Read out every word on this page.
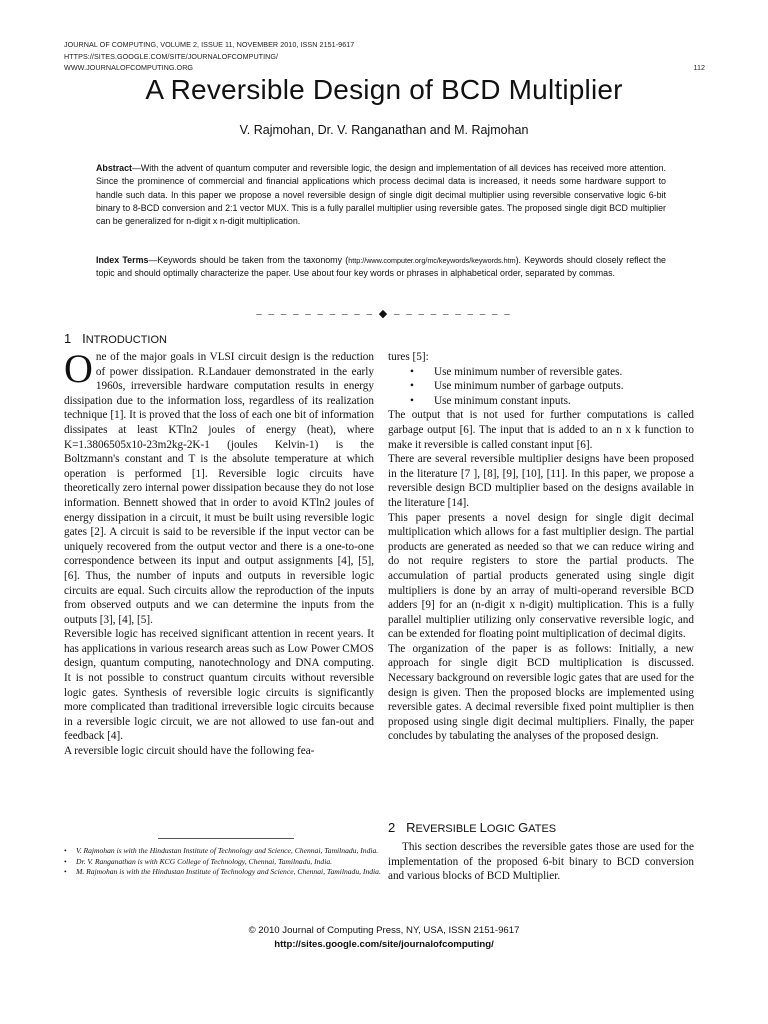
JOURNAL OF COMPUTING, VOLUME 2, ISSUE 11, NOVEMBER 2010, ISSN 2151-9617
HTTPS://SITES.GOOGLE.COM/SITE/JOURNALOFCOMPUTING/
WWW.JOURNALOFCOMPUTING.ORG	112
A Reversible Design of BCD Multiplier
V. Rajmohan, Dr. V. Ranganathan and M. Rajmohan
Abstract—With the advent of quantum computer and reversible logic, the design and implementation of all devices has received more attention. Since the prominence of commercial and financial applications which process decimal data is increased, it needs some hardware support to handle such data. In this paper we propose a novel reversible design of single digit decimal multiplier using reversible conservative logic 6-bit binary to 8-BCD conversion and 2:1 vector MUX. This is a fully parallel multiplier using reversible gates. The proposed single digit BCD multiplier can be generalized for n-digit x n-digit multiplication.
Index Terms—Keywords should be taken from the taxonomy (http://www.computer.org/mc/keywords/keywords.htm). Keywords should closely reflect the topic and should optimally characterize the paper. Use about four key words or phrases in alphabetical order, separated by commas.
– – – – – – – – – – ◆ – – – – – – – – – –
1 INTRODUCTION

One of the major goals in VLSI circuit design is the reduction of power dissipation. R.Landauer demonstrated in the early 1960s, irreversible hardware computation results in energy dissipation due to the information loss, regardless of its realization technique [1]. It is proved that the loss of each one bit of information dissipates at least KTln2 joules of energy (heat), where K=1.3806505x10-23m2kg-2K-1 (joules Kelvin-1) is the Boltzmann's constant and T is the absolute temperature at which operation is performed [1]. Reversible logic circuits have theoretically zero internal power dissipation because they do not lose information. Bennett showed that in order to avoid KTln2 joules of energy dissipation in a circuit, it must be built using reversible logic gates [2]. A circuit is said to be reversible if the input vector can be uniquely recovered from the output vector and there is a one-to-one correspondence between its input and output assignments [4], [5], [6]. Thus, the number of inputs and outputs in reversible logic circuits are equal. Such circuits allow the reproduction of the inputs from observed outputs and we can determine the inputs from the outputs [3], [4], [5].

Reversible logic has received significant attention in recent years. It has applications in various research areas such as Low Power CMOS design, quantum computing, nanotechnology and DNA computing. It is not possible to construct quantum circuits without reversible logic gates. Synthesis of reversible logic circuits is significantly more complicated than traditional irreversible logic circuits because in a reversible logic circuit, we are not allowed to use fan-out and feedback [4].

A reversible logic circuit should have the following fea-

tures [5]:

• Use minimum number of reversible gates.
• Use minimum number of garbage outputs.
• Use minimum constant inputs.

The output that is not used for further computations is called garbage output [6]. The input that is added to an n x k function to make it reversible is called constant input [6].

There are several reversible multiplier designs have been proposed in the literature [7 ], [8], [9], [10], [11]. In this paper, we propose a reversible design BCD multiplier based on the designs available in the literature [14].

This paper presents a novel design for single digit decimal multiplication which allows for a fast multiplier design. The partial products are generated as needed so that we can reduce wiring and do not require registers to store the partial products. The accumulation of partial products generated using single digit multipliers is done by an array of multi-operand reversible BCD adders [9] for an (n-digit x n-digit) multiplication. This is a fully parallel multiplier utilizing only conservative reversible logic, and can be extended for floating point multiplication of decimal digits.

The organization of the paper is as follows: Initially, a new approach for single digit BCD multiplication is discussed. Necessary background on reversible logic gates that are used for the design is given. Then the proposed blocks are implemented using reversible gates. A decimal reversible fixed point multiplier is then proposed using single digit decimal multipliers. Finally, the paper concludes by tabulating the analyses of the proposed design.

2 REVERSIBLE LOGIC GATES

This section describes the reversible gates those are used for the implementation of the proposed 6-bit binary to BCD conversion and various blocks of BCD Multiplier.

• V. Rajmohan is with the Hindustan Institute of Technology and Science, Chennai, Tamilnadu, India.
• Dr. V. Ranganathan is with KCG College of Technology, Chennai, Tamilnadu, India.
• M. Rajmohan is with the Hindustan Institute of Technology and Science, Chennai, Tamilnadu, India.
© 2010 Journal of Computing Press, NY, USA, ISSN 2151-9617
http://sites.google.com/site/journalofcomputing/
